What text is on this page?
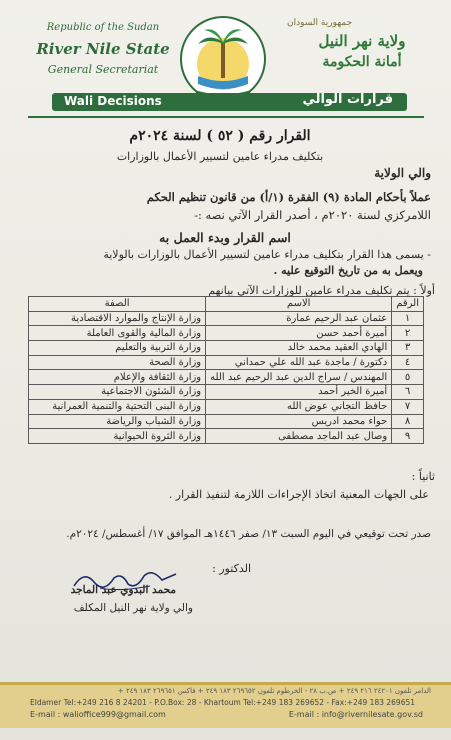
Republic of the Sudan
River Nile State
General Secretariat
جمهورية السودان
ولاية نهر النيل
أمانة الحكومة
Wali Decisions	قرارات الوالي
القرار رقم ( ٥٢ ) لسنة ٢٠٢٤م
بتكليف مدراء عامين لتسيير الأعمال بالوزارات
والي الولاية
عملاً بأحكام المادة (٩) الفقرة (١/أ) من قانون تنظيم الحكم
اللامركزي لسنة ٢٠٢٠م ، أصدر القرار الآتي نصه :-
اسم القرار وبدء العمل به
- يسمى هذا القرار بتكليف مدراء عامين لتسيير الأعمال بالوزارات بالولاية
ويعمل به من تاريخ التوقيع عليه .
أولاً : يتم تكليف مدراء عامين للوزارات الآتي بيانهم
الرقم	الاسم	الصفة
١	عثمان عبد الرحيم عمارة	وزارة الإنتاج والموارد الاقتصادية
٢	أميرة أحمد حسن	وزارة المالية والقوى العاملة
٣	الهادي العقيد محمد خالد	وزارة التربية والتعليم
٤	دكتورة / ماجدة عبد الله علي حمداني	وزارة الصحة
٥	المهندس / سراج الدين عبد الرحيم عبد الله	وزارة الثقافة والإعلام
٦	أميرة الخير أحمد	وزارة الشئون الاجتماعية
٧	حافظ التجاني عوض الله	وزارة البنى التحتية والتنمية العمرانية
٨	حواء محمد ادريس	وزارة الشباب والرياضة
٩	وصال عبد الماجد مصطفى	وزارة الثروة الحيوانية
ثانياً :
على الجهات المعنية اتخاذ الإجراءات اللازمة لتنفيذ القرار .
صدر تحت توقيعي في اليوم السبت ١٣/ صفر ١٤٤٦هـ الموافق ١٧/ أغسطس/ ٢٠٢٤م.
الدكتور :
محمد البدوي عبد الماجد
والي ولاية نهر النيل المكلف
الدامر تلفون ٢٤٢٠١ ٢١٦ ٢٤٩ + ص.ب ٢٨ - الخرطوم تلفون ٢٦٩٦٥٢ ١٨٣ ٢٤٩ + فاكس ٢٦٩٦٥١ ١٨٣ ٢٤٩ +
Eldamer Tel:+249 216 8 24201 - P.O.Box: 28 - Khartoum Tel:+249 183 269652 - Fax:+249 183 269651
E-mail : walioffice999@gmail.com	E-mail : info@rivernilesate.gov.sd
